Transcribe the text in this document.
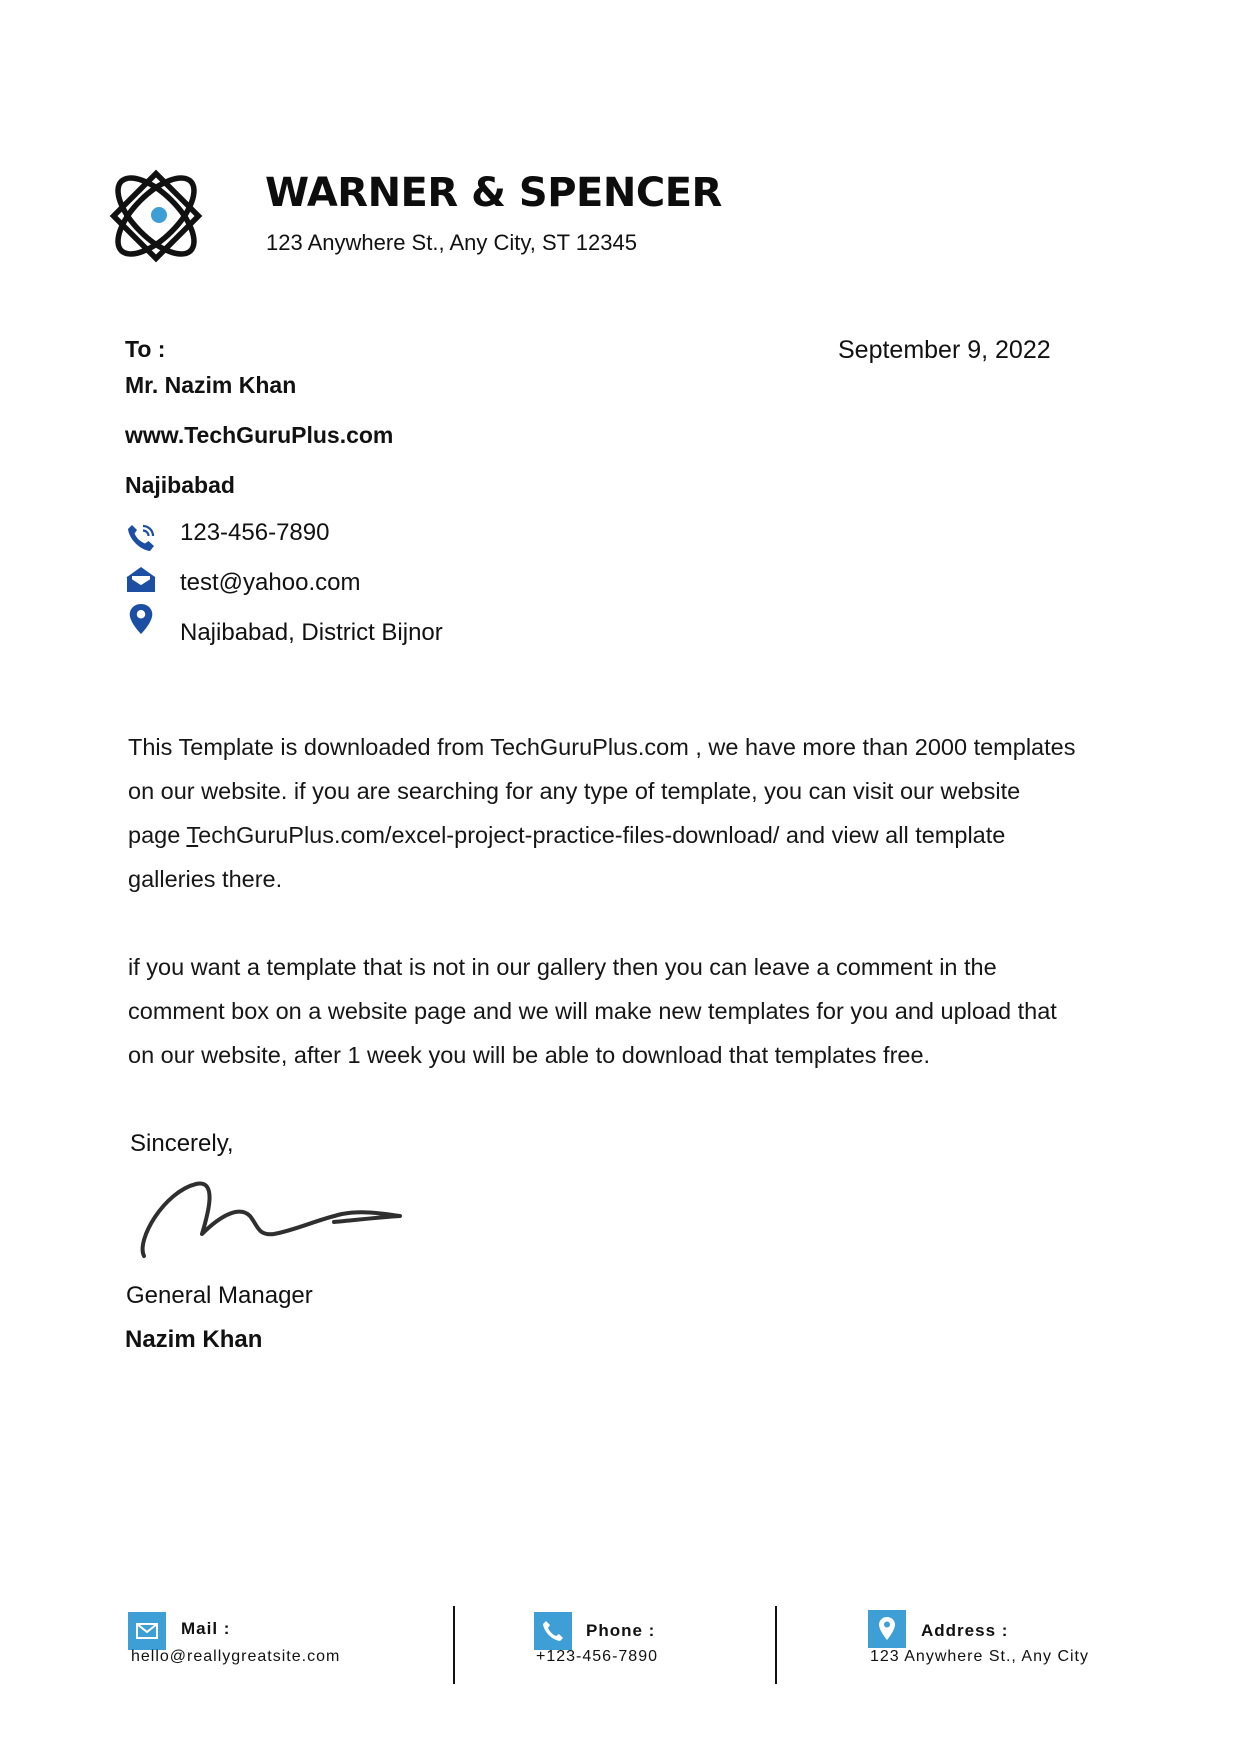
WARNER & SPENCER
123 Anywhere St., Any City, ST 12345
To :	September 9, 2022
Mr. Nazim Khan
www.TechGuruPlus.com
Najibabad
123-456-7890
test@yahoo.com
Najibabad, District Bijnor

This Template is downloaded from TechGuruPlus.com , we have more than 2000 templates on our website. if you are searching for any type of template, you can visit our website page TechGuruPlus.com/excel-project-practice-files-download/ and view all template galleries there.

if you want a template that is not in our gallery then you can leave a comment in the comment box on a website page and we will make new templates for you and upload that on our website, after 1 week you will be able to download that templates free.

Sincerely,
General Manager
Nazim Khan
Mail :
hello@reallygreatsite.com
Phone :
+123-456-7890
Address :
123 Anywhere St., Any City
